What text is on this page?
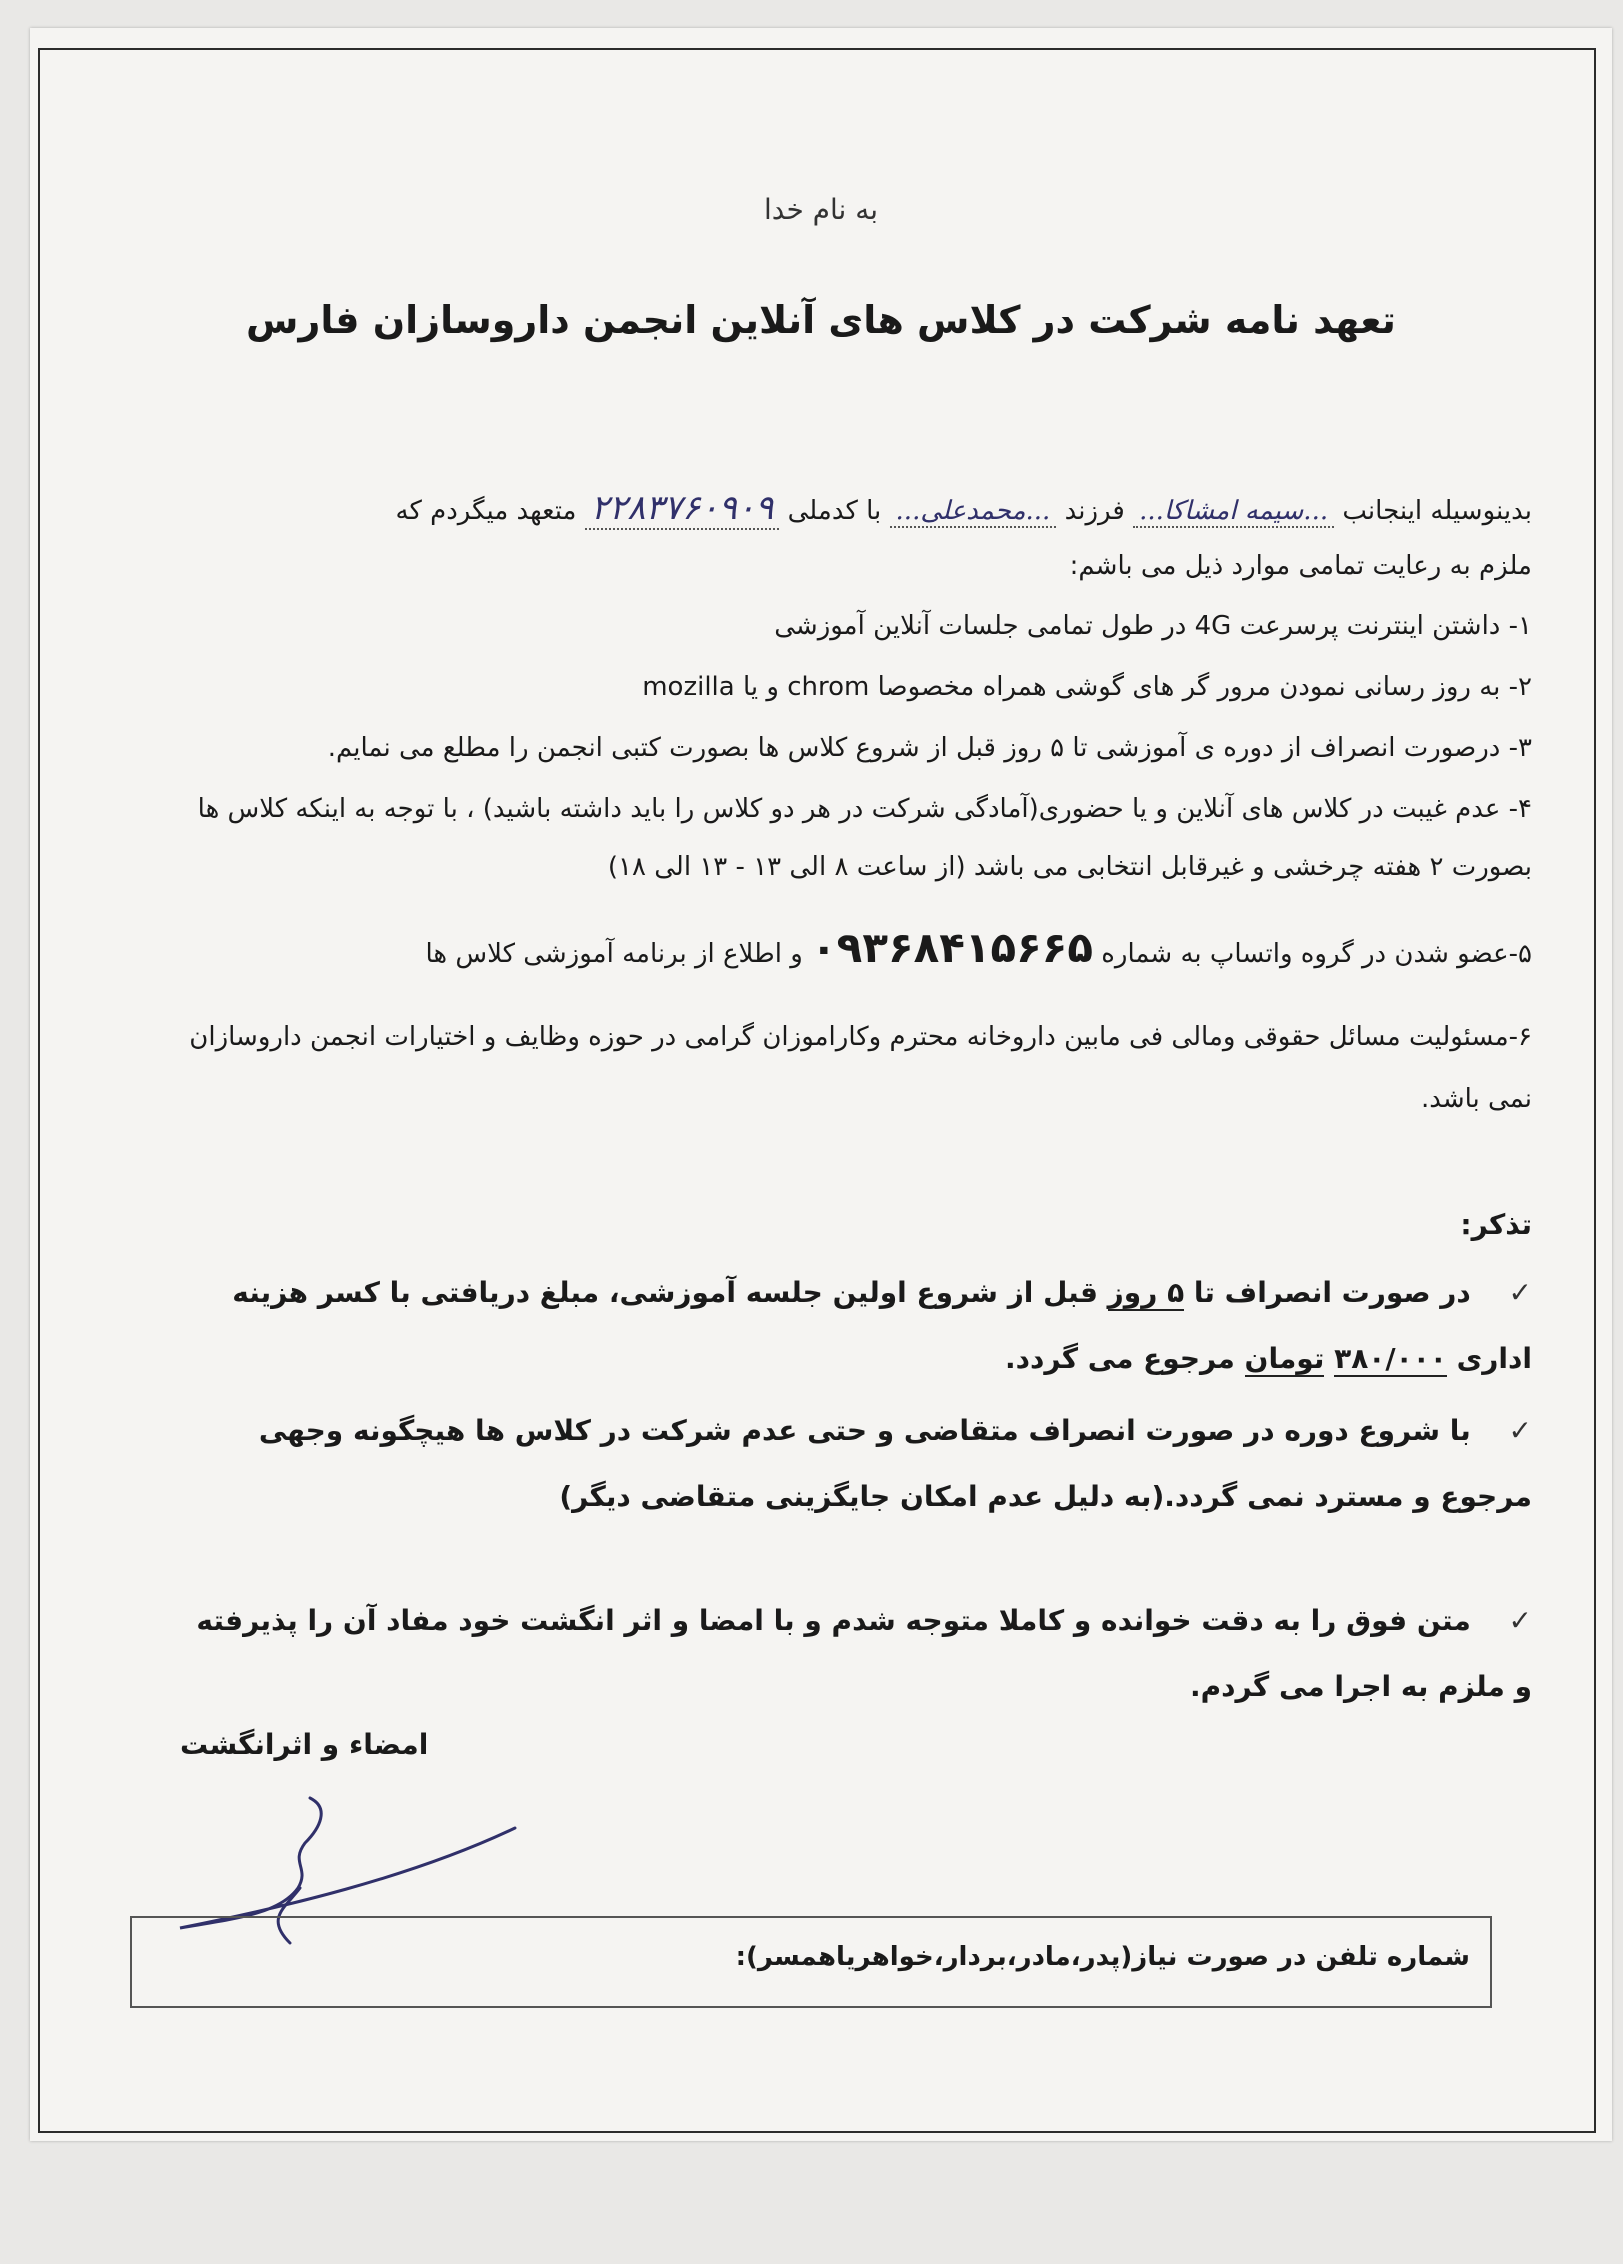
به نام خدا
تعهد نامه شرکت در کلاس های آنلاین انجمن داروسازان فارس
بدینوسیله اینجانب ...سیمه امشاکا... فرزند ...محمدعلی... با کدملی ۲۲۸۳۷۶۰۹۰۹ متعهد میگردم که
ملزم به رعایت تمامی موارد ذیل می باشم:
۱- داشتن اینترنت پرسرعت 4G در طول تمامی جلسات آنلاین آموزشی
۲- به روز رسانی نمودن مرور گر های گوشی همراه مخصوصا chrom و یا mozilla
۳- درصورت انصراف از دوره ی آموزشی تا ۵ روز قبل از شروع کلاس ها بصورت کتبی انجمن را مطلع می نمایم.
۴- عدم غیبت در کلاس های آنلاین و یا حضوری(آمادگی شرکت در هر دو کلاس را باید داشته باشید) ، با توجه به اینکه کلاس ها بصورت ۲ هفته چرخشی و غیرقابل انتخابی می باشد (از ساعت ۸ الی ۱۳ - ۱۳ الی ۱۸)
۵-عضو شدن در گروه واتساپ به شماره ۰۹۳۶۸۴۱۵۶۶۵ و اطلاع از برنامه آموزشی کلاس ها
۶-مسئولیت مسائل حقوقی ومالی فی مابین داروخانه محترم وکاراموزان گرامی در حوزه وظایف و اختیارات انجمن داروسازان نمی باشد.
تذکر:
✓ در صورت انصراف تا ۵ روز قبل از شروع اولین جلسه آموزشی، مبلغ دریافتی با کسر هزینه اداری ۳۸۰/۰۰۰ تومان مرجوع می گردد.
✓ با شروع دوره در صورت انصراف متقاضی و حتی عدم شرکت در کلاس ها هیچگونه وجهی مرجوع و مسترد نمی گردد.(به دلیل عدم امکان جایگزینی متقاضی دیگر)
✓ متن فوق را به دقت خوانده و کاملا متوجه شدم و با امضا و اثر انگشت خود مفاد آن را پذیرفته و ملزم به اجرا می گردم.
امضاء و اثرانگشت
شماره تلفن در صورت نیاز(پدر،مادر،بردار،خواهریاهمسر):
